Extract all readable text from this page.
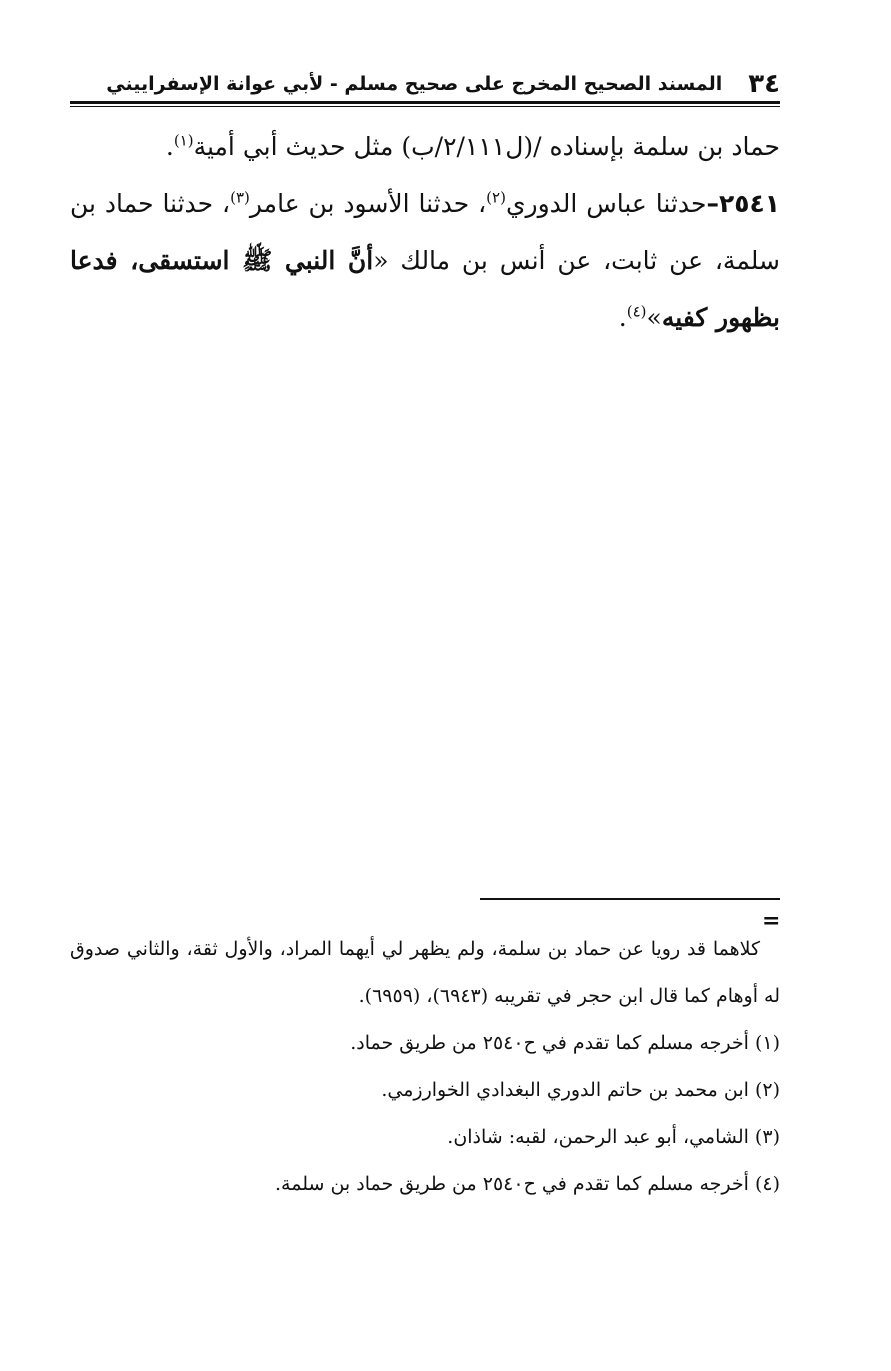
٣٤
المسند الصحيح المخرج على صحيح مسلم - لأبي عوانة الإسفراييني

حماد بن سلمة بإسناده /(ل۲/١١١/ب) مثل حديث أبي أمية$^{(١)}$.

٢٥٤١–حدثنا عباس الدوري$^{(٢)}$، حدثنا الأسود بن عامر$^{(٣)}$، حدثنا حماد بن سلمة، عن ثابت، عن أنس بن مالك «أنَّ النبي ﷺ استسقى، فدعا بظهور كفيه»$^{(٤)}$.

=

كلاهما قد رويا عن حماد بن سلمة، ولم يظهر لي أيهما المراد، والأول ثقة، والثاني صدوق له أوهام كما قال ابن حجر في تقريبه (٦٩٤٣)، (٦٩٥٩).

(١) أخرجه مسلم كما تقدم في ح٢٥٤٠ من طريق حماد.

(٢) ابن محمد بن حاتم الدوري البغدادي الخوارزمي.

(٣) الشامي، أبو عبد الرحمن، لقبه: شاذان.

(٤) أخرجه مسلم كما تقدم في ح٢٥٤٠ من طريق حماد بن سلمة.
